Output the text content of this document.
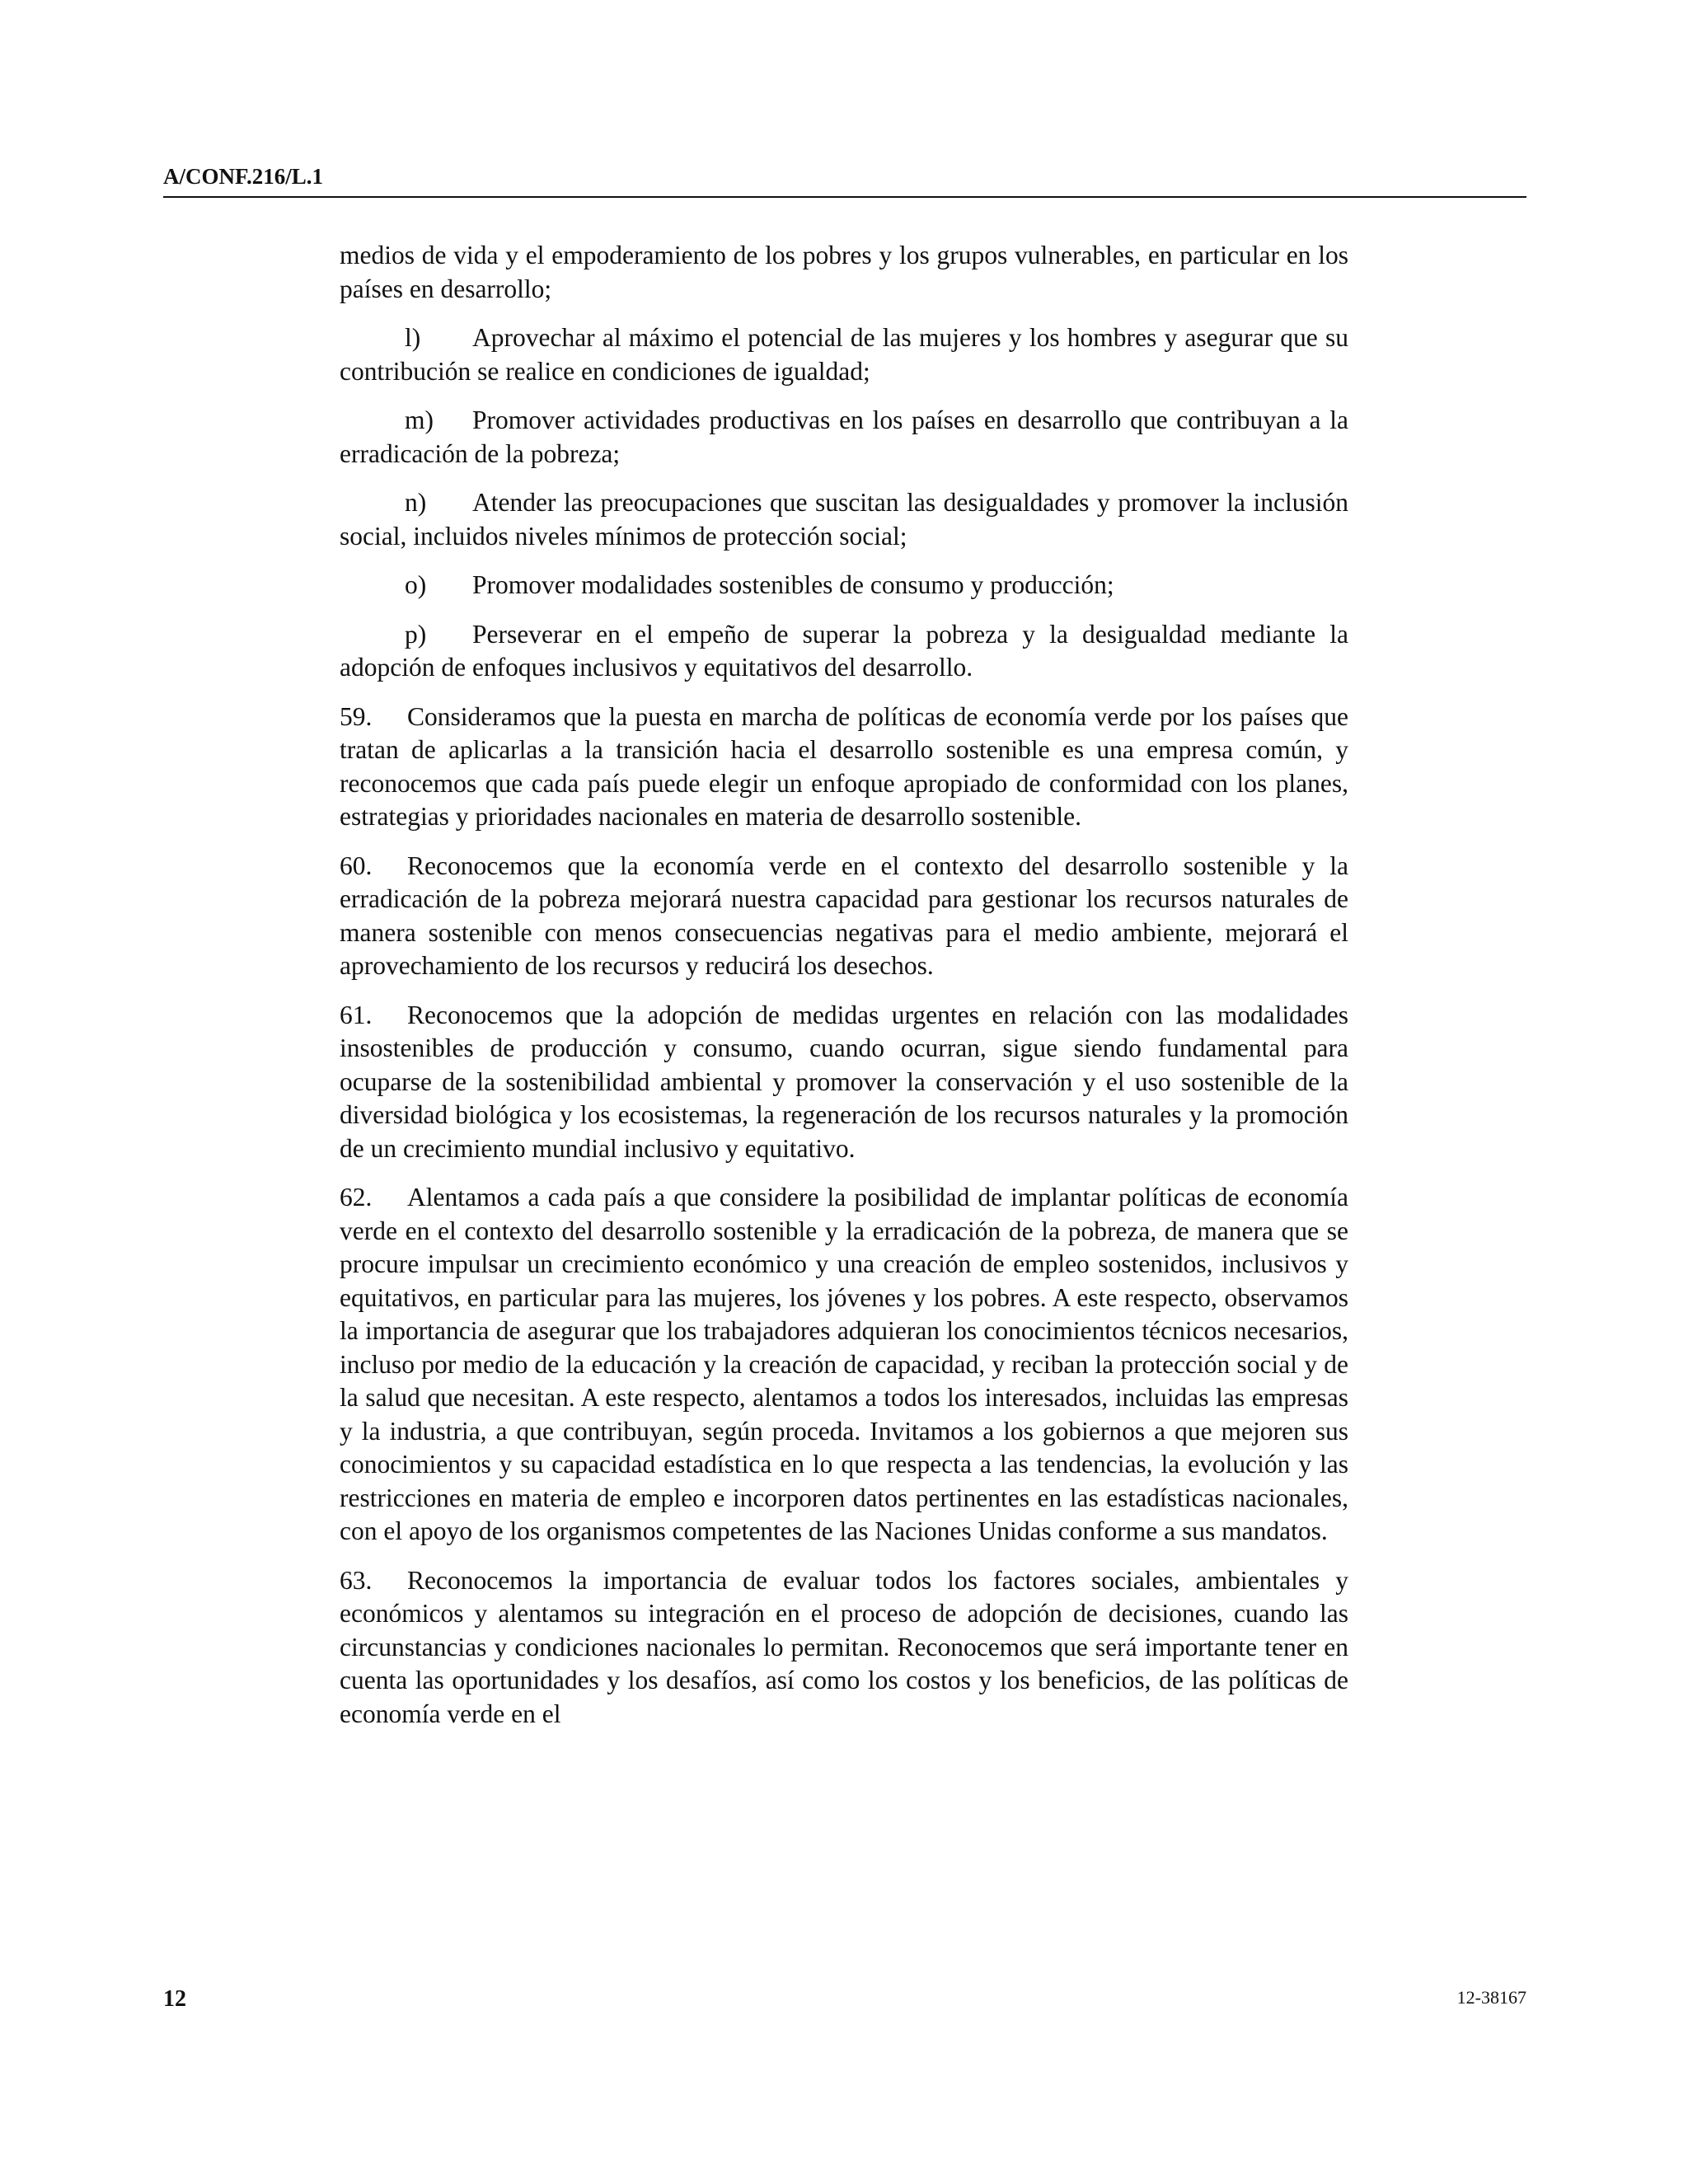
A/CONF.216/L.1

medios de vida y el empoderamiento de los pobres y los grupos vulnerables, en particular en los países en desarrollo;

l) Aprovechar al máximo el potencial de las mujeres y los hombres y asegurar que su contribución se realice en condiciones de igualdad;

m) Promover actividades productivas en los países en desarrollo que contribuyan a la erradicación de la pobreza;

n) Atender las preocupaciones que suscitan las desigualdades y promover la inclusión social, incluidos niveles mínimos de protección social;

o) Promover modalidades sostenibles de consumo y producción;

p) Perseverar en el empeño de superar la pobreza y la desigualdad mediante la adopción de enfoques inclusivos y equitativos del desarrollo.

59. Consideramos que la puesta en marcha de políticas de economía verde por los países que tratan de aplicarlas a la transición hacia el desarrollo sostenible es una empresa común, y reconocemos que cada país puede elegir un enfoque apropiado de conformidad con los planes, estrategias y prioridades nacionales en materia de desarrollo sostenible.

60. Reconocemos que la economía verde en el contexto del desarrollo sostenible y la erradicación de la pobreza mejorará nuestra capacidad para gestionar los recursos naturales de manera sostenible con menos consecuencias negativas para el medio ambiente, mejorará el aprovechamiento de los recursos y reducirá los desechos.

61. Reconocemos que la adopción de medidas urgentes en relación con las modalidades insostenibles de producción y consumo, cuando ocurran, sigue siendo fundamental para ocuparse de la sostenibilidad ambiental y promover la conservación y el uso sostenible de la diversidad biológica y los ecosistemas, la regeneración de los recursos naturales y la promoción de un crecimiento mundial inclusivo y equitativo.

62. Alentamos a cada país a que considere la posibilidad de implantar políticas de economía verde en el contexto del desarrollo sostenible y la erradicación de la pobreza, de manera que se procure impulsar un crecimiento económico y una creación de empleo sostenidos, inclusivos y equitativos, en particular para las mujeres, los jóvenes y los pobres. A este respecto, observamos la importancia de asegurar que los trabajadores adquieran los conocimientos técnicos necesarios, incluso por medio de la educación y la creación de capacidad, y reciban la protección social y de la salud que necesitan. A este respecto, alentamos a todos los interesados, incluidas las empresas y la industria, a que contribuyan, según proceda. Invitamos a los gobiernos a que mejoren sus conocimientos y su capacidad estadística en lo que respecta a las tendencias, la evolución y las restricciones en materia de empleo e incorporen datos pertinentes en las estadísticas nacionales, con el apoyo de los organismos competentes de las Naciones Unidas conforme a sus mandatos.

63. Reconocemos la importancia de evaluar todos los factores sociales, ambientales y económicos y alentamos su integración en el proceso de adopción de decisiones, cuando las circunstancias y condiciones nacionales lo permitan. Reconocemos que será importante tener en cuenta las oportunidades y los desafíos, así como los costos y los beneficios, de las políticas de economía verde en el

12	12-38167
